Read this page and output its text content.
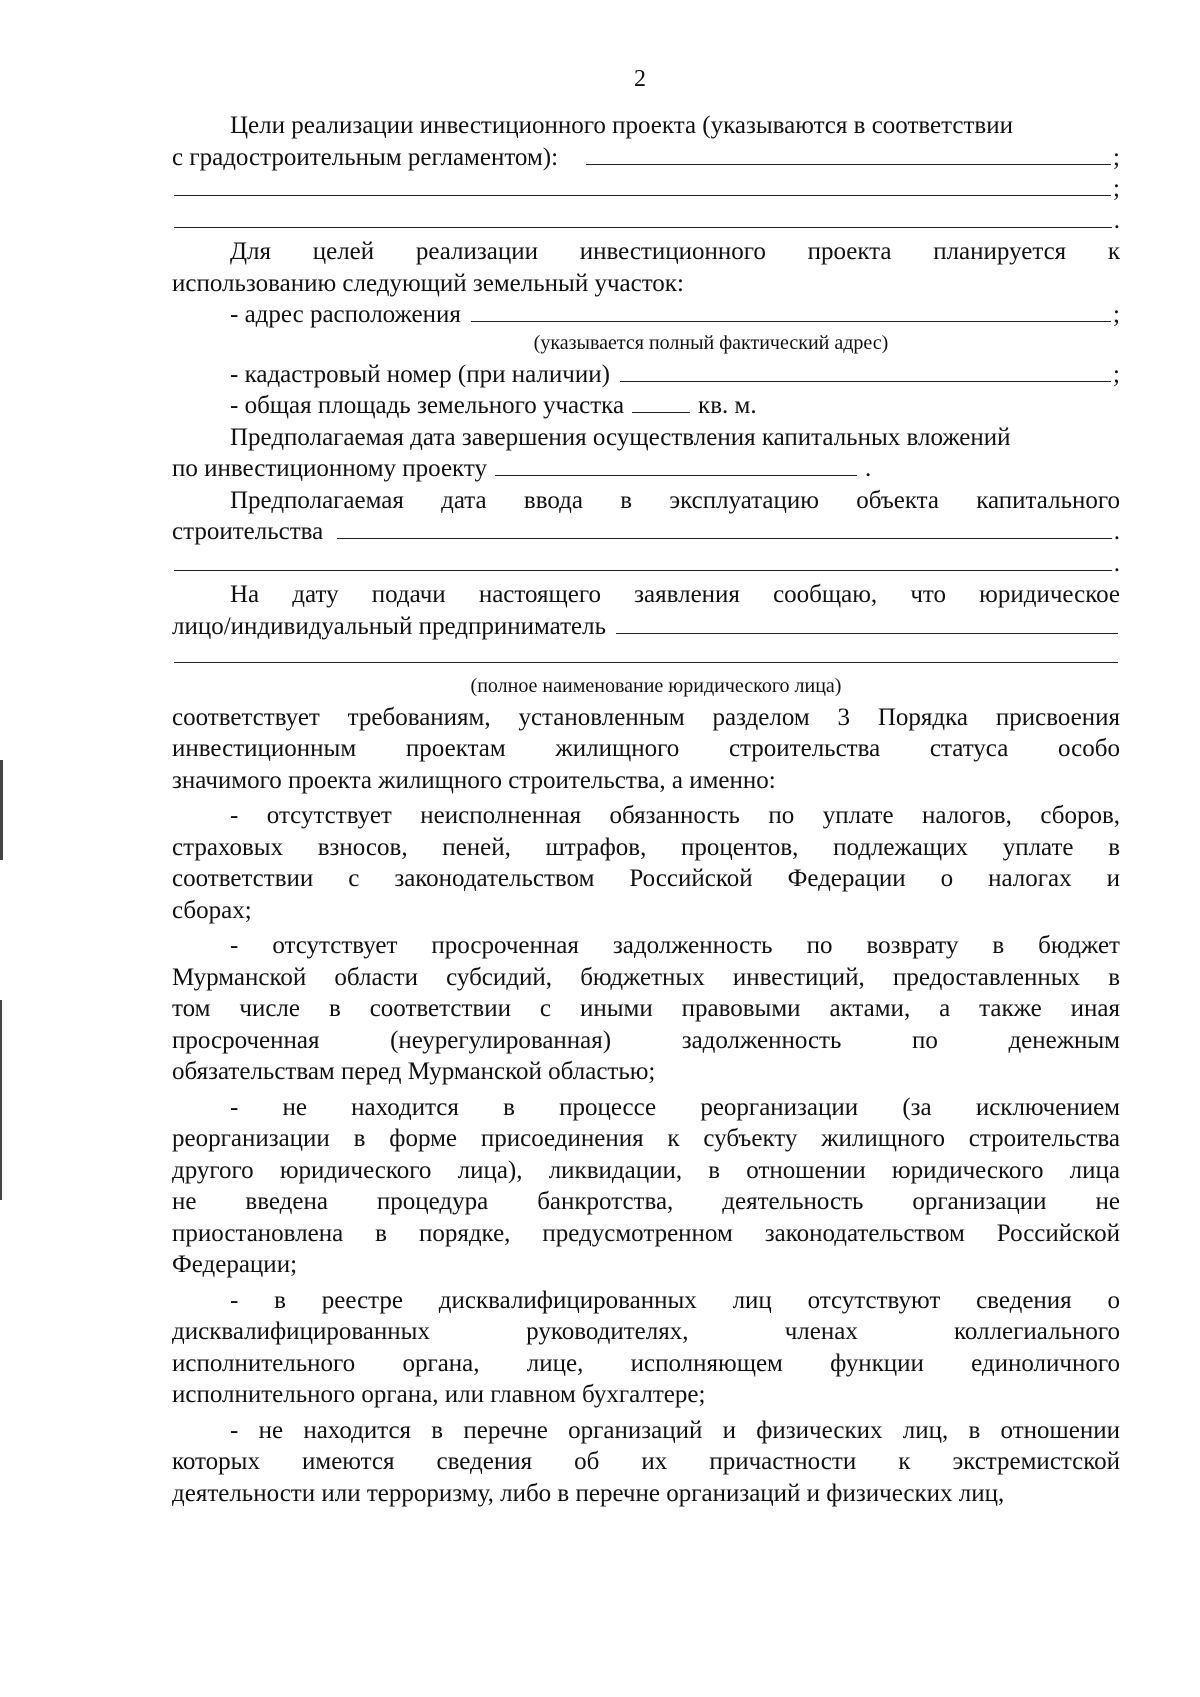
2
Цели реализации инвестиционного проекта (указываются в соответствии
с градостроительным регламентом):	;
;
.
Для целей реализации инвестиционного проекта планируется к
использованию следующий земельный участок:
- адрес расположения	;
(указывается полный фактический адрес)
- кадастровый номер (при наличии)	;
- общая площадь земельного участка	кв. м.
Предполагаемая дата завершения осуществления капитальных вложений
по инвестиционному проекту	.
Предполагаемая дата ввода в эксплуатацию объекта капитального
строительства	.
.
На дату подачи настоящего заявления сообщаю, что юридическое
лицо/индивидуальный предприниматель
(полное наименование юридического лица)
соответствует требованиям, установленным разделом 3 Порядка присвоения
инвестиционным проектам жилищного строительства статуса особо
значимого проекта жилищного строительства, а именно:
- отсутствует неисполненная обязанность по уплате налогов, сборов,
страховых взносов, пеней, штрафов, процентов, подлежащих уплате в
соответствии с законодательством Российской Федерации о налогах и
сборах;
- отсутствует просроченная задолженность по возврату в бюджет
Мурманской области субсидий, бюджетных инвестиций, предоставленных в
том числе в соответствии с иными правовыми актами, а также иная
просроченная (неурегулированная) задолженность по денежным
обязательствам перед Мурманской областью;
- не находится в процессе реорганизации (за исключением
реорганизации в форме присоединения к субъекту жилищного строительства
другого юридического лица), ликвидации, в отношении юридического лица
не введена процедура банкротства, деятельность организации не
приостановлена в порядке, предусмотренном законодательством Российской
Федерации;
- в реестре дисквалифицированных лиц отсутствуют сведения о
дисквалифицированных руководителях, членах коллегиального
исполнительного органа, лице, исполняющем функции единоличного
исполнительного органа, или главном бухгалтере;
- не находится в перечне организаций и физических лиц, в отношении
которых имеются сведения об их причастности к экстремистской
деятельности или терроризму, либо в перечне организаций и физических лиц,
